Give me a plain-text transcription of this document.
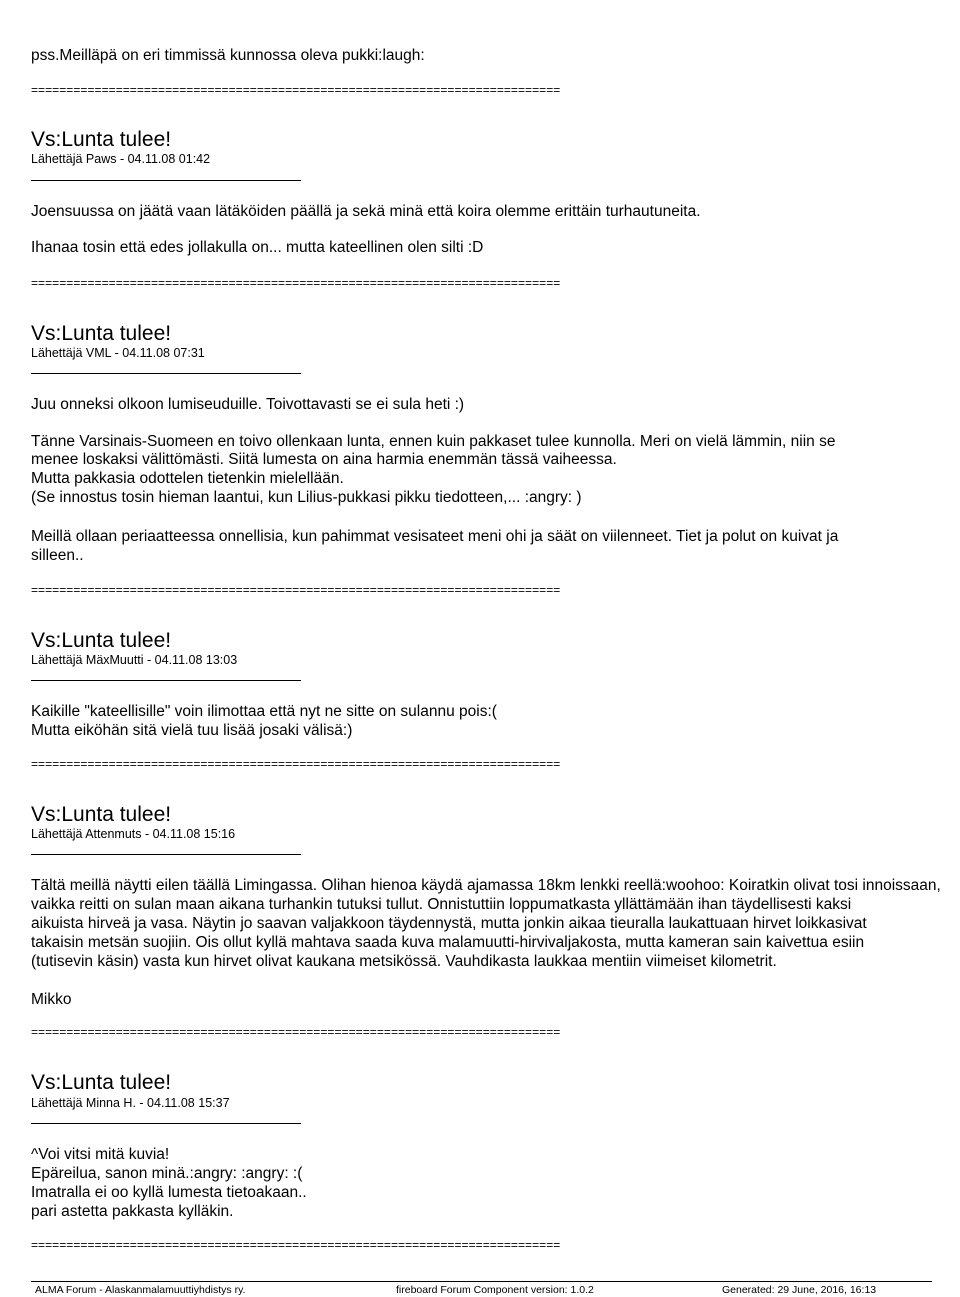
pss.Meilläpä on eri timmissä kunnossa oleva pukki:laugh:
===========================================================================
Vs:Lunta tulee!
Lähettäjä Paws - 04.11.08 01:42
Joensuussa on jäätä vaan lätäköiden päällä ja sekä minä että koira olemme erittäin turhautuneita.
Ihanaa tosin että edes jollakulla on... mutta kateellinen olen silti :D
===========================================================================
Vs:Lunta tulee!
Lähettäjä VML - 04.11.08 07:31
Juu onneksi olkoon lumiseuduille. Toivottavasti se ei sula heti :)
Tänne Varsinais-Suomeen en toivo ollenkaan lunta, ennen kuin pakkaset tulee kunnolla. Meri on vielä lämmin, niin se
menee loskaksi välittömästi. Siitä lumesta on aina harmia enemmän tässä vaiheessa.
Mutta pakkasia odottelen tietenkin mielellään.
(Se innostus tosin hieman laantui, kun Lilius-pukkasi pikku tiedotteen,... :angry: )
Meillä ollaan periaatteessa onnellisia, kun pahimmat vesisateet meni ohi ja säät on viilenneet. Tiet ja polut on kuivat ja
silleen..
===========================================================================
Vs:Lunta tulee!
Lähettäjä MäxMuutti - 04.11.08 13:03
Kaikille "kateellisille" voin ilimottaa että nyt ne sitte on sulannu pois:(
Mutta eiköhän sitä vielä tuu lisää josaki välisä:)
===========================================================================
Vs:Lunta tulee!
Lähettäjä Attenmuts - 04.11.08 15:16
Tältä meillä näytti eilen täällä Limingassa. Olihan hienoa käydä ajamassa 18km lenkki reellä:woohoo: Koiratkin olivat tosi innoissaan,
vaikka reitti on sulan maan aikana turhankin tutuksi tullut. Onnistuttiin loppumatkasta yllättämään ihan täydellisesti kaksi
aikuista hirveä ja vasa. Näytin jo saavan valjakkoon täydennystä, mutta jonkin aikaa tieuralla laukattuaan hirvet loikkasivat
takaisin metsän suojiin. Ois ollut kyllä mahtava saada kuva malamuutti-hirvivaljakosta, mutta kameran sain kaivettua esiin
(tutisevin käsin) vasta kun hirvet olivat kaukana metsikössä. Vauhdikasta laukkaa mentiin viimeiset kilometrit.
Mikko
===========================================================================
Vs:Lunta tulee!
Lähettäjä Minna H. - 04.11.08 15:37
^Voi vitsi mitä kuvia!
Epäreilua, sanon minä.:angry: :angry: :(
Imatralla ei oo kyllä lumesta tietoakaan..
pari astetta pakkasta kylläkin.
===========================================================================
ALMA Forum - Alaskanmalamuuttiyhdistys ry.	fireboard Forum Component version: 1.0.2	Generated: 29 June, 2016, 16:13
